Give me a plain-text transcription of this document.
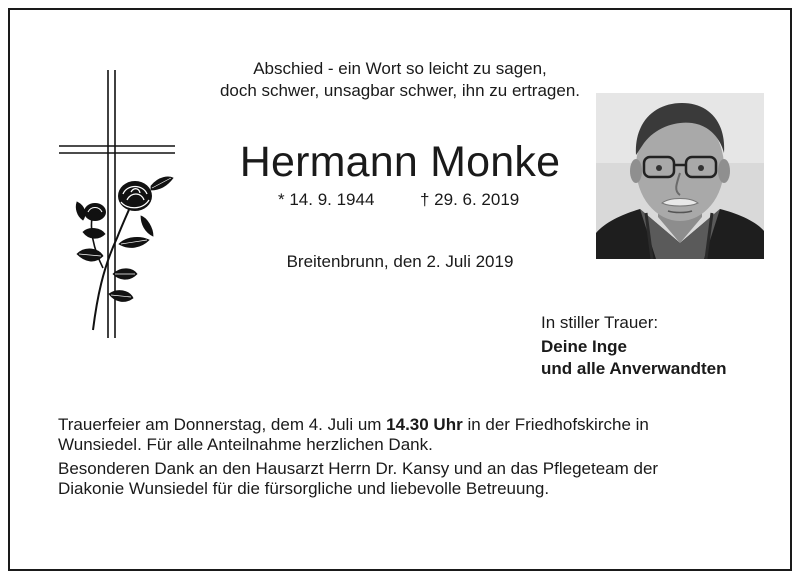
Abschied - ein Wort so leicht zu sagen,
doch schwer, unsagbar schwer, ihn zu ertragen.
Hermann Monke
* 14. 9. 1944	† 29. 6. 2019
Breitenbrunn, den 2. Juli 2019
In stiller Trauer:
Deine Inge
und alle Anverwandten

Trauerfeier am Donnerstag, dem 4. Juli um 14.30 Uhr in der Friedhofskirche in
Wunsiedel. Für alle Anteilnahme herzlichen Dank.

Besonderen Dank an den Hausarzt Herrn Dr. Kansy und an das Pflegeteam der
Diakonie Wunsiedel für die fürsorgliche und liebevolle Betreuung.
